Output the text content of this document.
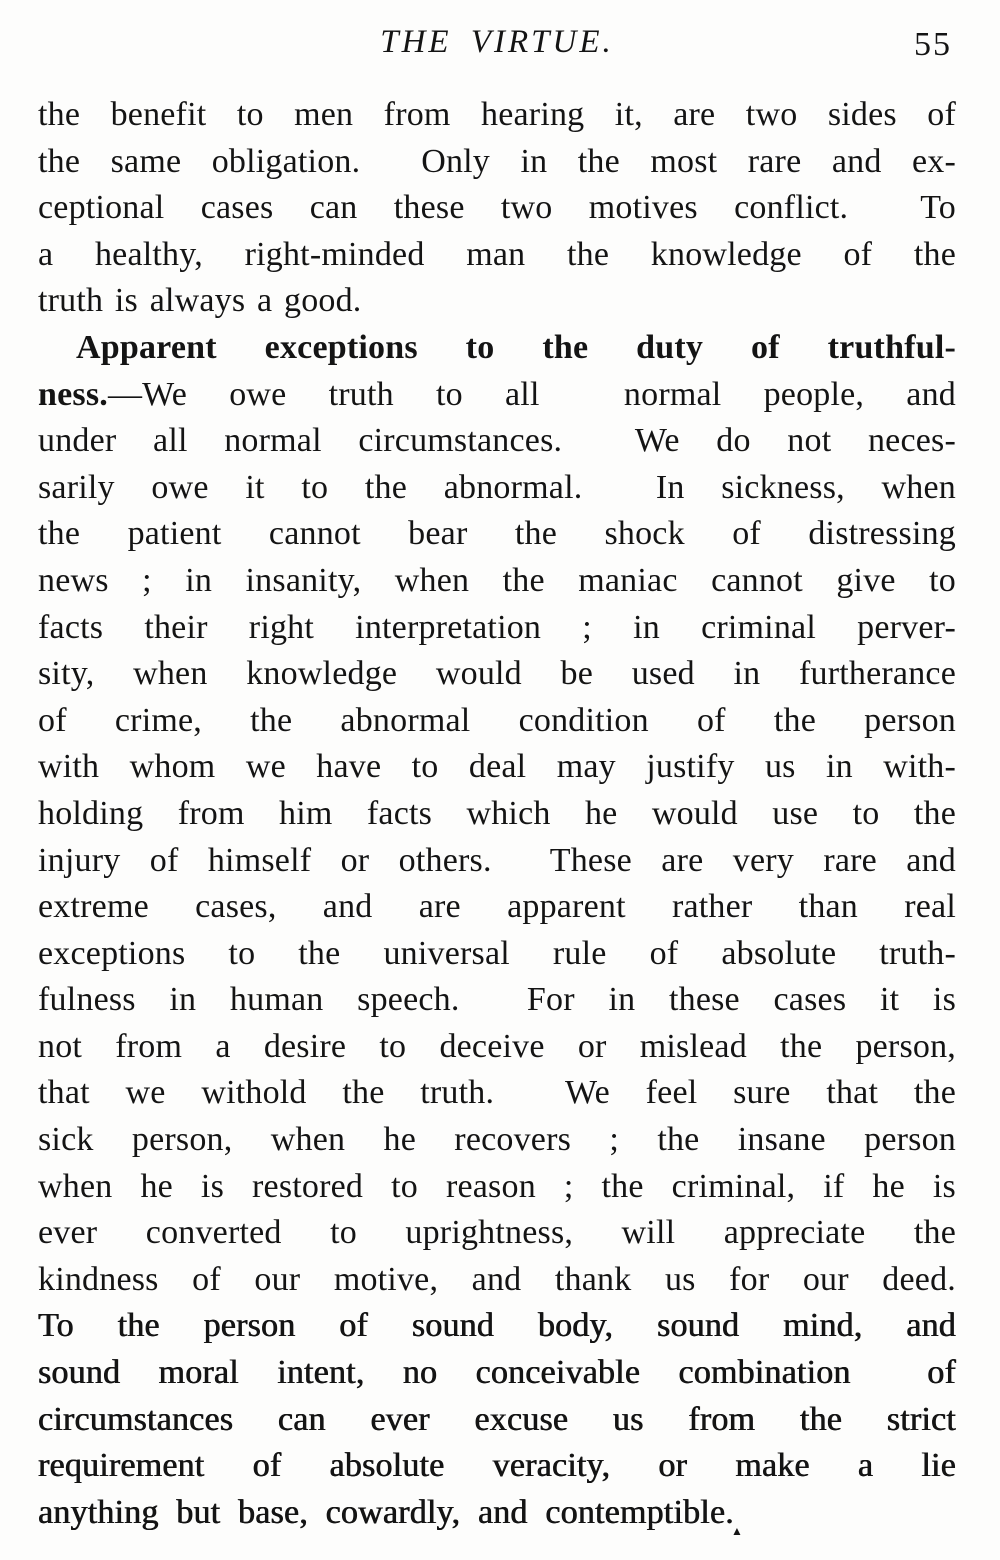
THE VIRTUE.	55
the benefit to men from hearing it, are two sides of
the same obligation.  Only in the most rare and ex-
ceptional cases can these two motives conflict.  To
a healthy, right-minded man the knowledge of the
truth is always a good.
Apparent exceptions to the duty of truthful-
ness.—We owe truth to all  normal people, and
under all normal circumstances.  We do not neces-
sarily owe it to the abnormal.  In sickness, when
the patient cannot bear the shock of distressing
news ; in insanity, when the maniac cannot give to
facts their right interpretation ; in criminal perver-
sity, when knowledge would be used in furtherance
of crime, the abnormal condition of the person
with whom we have to deal may justify us in with-
holding from him facts which he would use to the
injury of himself or others.  These are very rare and
extreme cases, and are apparent rather than real
exceptions to the universal rule of absolute truth-
fulness in human speech.  For in these cases it is
not from a desire to deceive or mislead the person,
that we withold the truth.  We feel sure that the
sick person, when he recovers ; the insane person
when he is restored to reason ; the criminal, if he is
ever converted to uprightness, will appreciate the
kindness of our motive, and thank us for our deed.
To the person of sound body, sound mind, and
sound moral intent, no conceivable combination  of
circumstances can ever excuse us from the strict
requirement of absolute veracity, or make a lie
anything but base, cowardly, and contemptible.
▲
